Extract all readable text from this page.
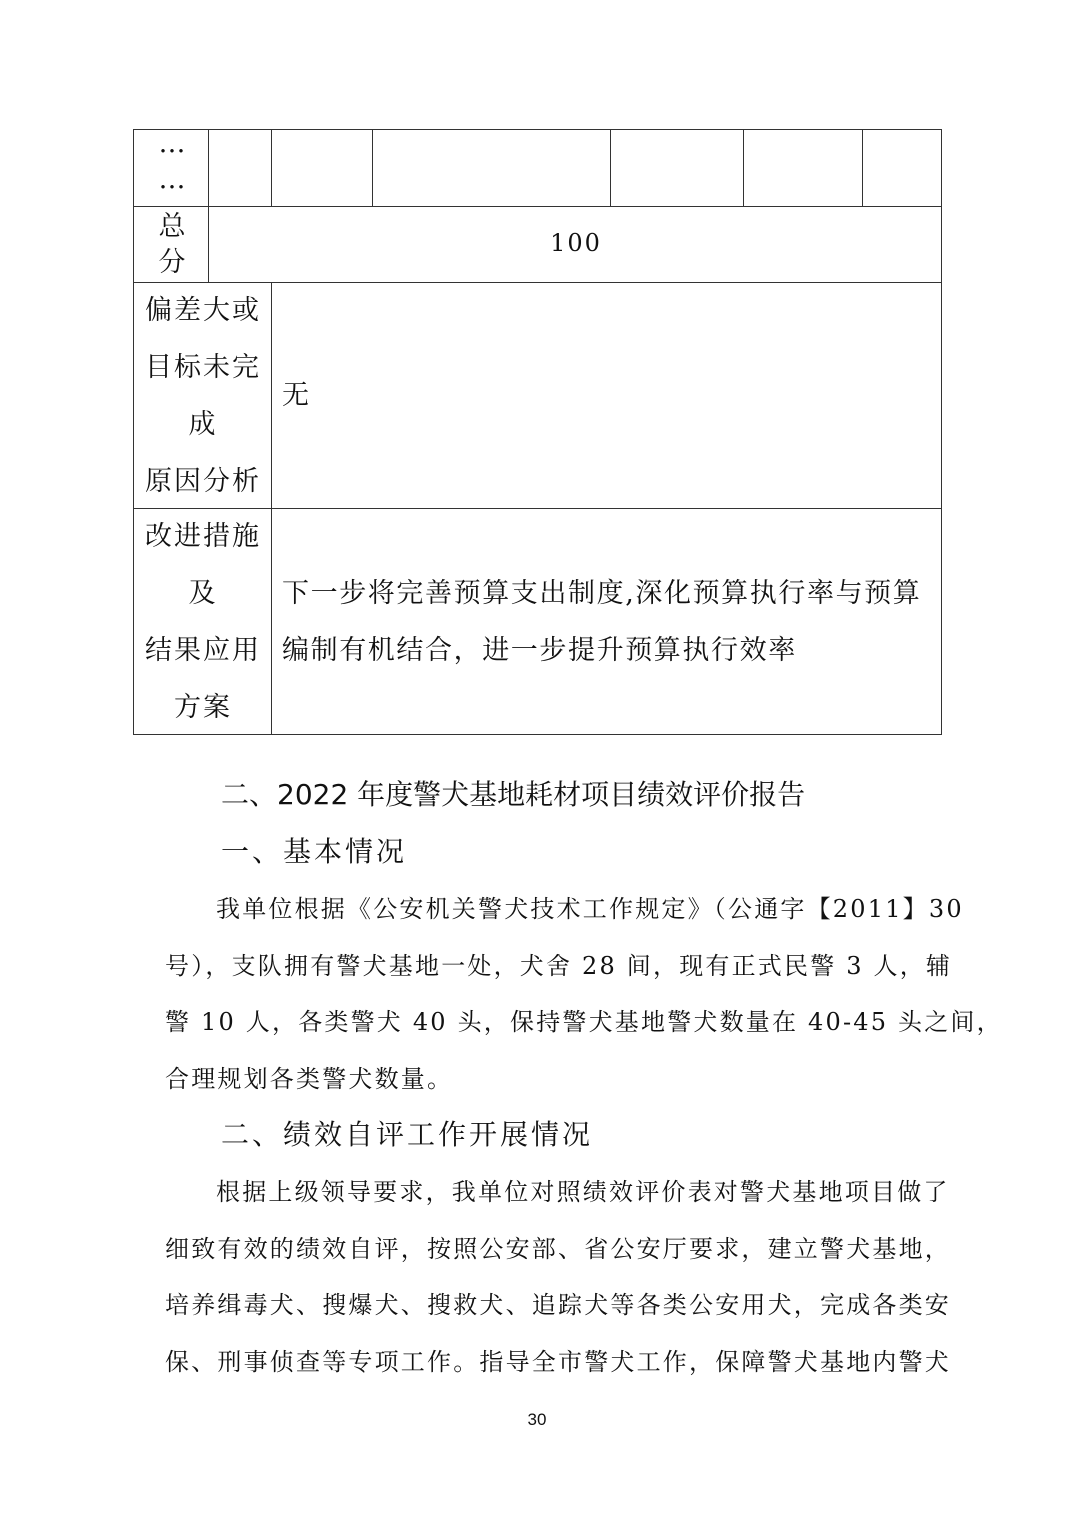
…
…
总
分
100
偏差大或
目标未完
成
原因分析
无
改进措施
及
结果应用
方案
下一步将完善预算支出制度,深化预算执行率与预算
编制有机结合，进一步提升预算执行效率
二、2022 年度警犬基地耗材项目绩效评价报告
一、基本情况
我单位根据《公安机关警犬技术工作规定》（公通字【2011】30
号），支队拥有警犬基地一处，犬舍 28 间，现有正式民警 3 人，辅
警 10 人，各类警犬 40 头，保持警犬基地警犬数量在 40-45 头之间，
合理规划各类警犬数量。
二、绩效自评工作开展情况
根据上级领导要求，我单位对照绩效评价表对警犬基地项目做了
细致有效的绩效自评，按照公安部、省公安厅要求，建立警犬基地，
培养缉毒犬、搜爆犬、搜救犬、追踪犬等各类公安用犬，完成各类安
保、刑事侦查等专项工作。指导全市警犬工作，保障警犬基地内警犬
30
